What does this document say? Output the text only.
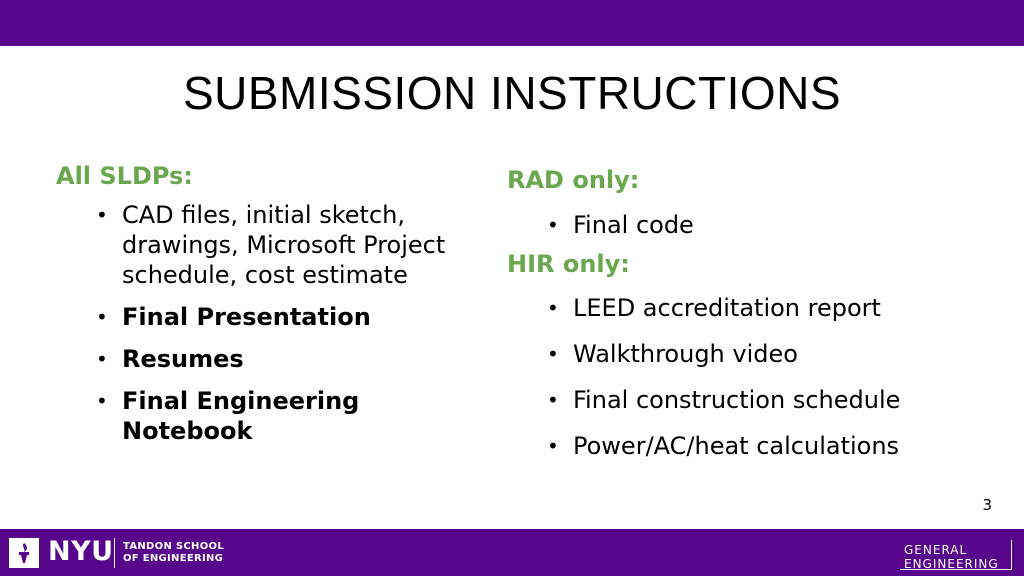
SUBMISSION INSTRUCTIONS
All SLDPs:
• CAD files, initial sketch, drawings, Microsoft Project schedule, cost estimate
• Final Presentation
• Resumes
• Final Engineering Notebook
RAD only:
• Final code
HIR only:
• LEED accreditation report
• Walkthrough video
• Final construction schedule
• Power/AC/heat calculations
3
NYU TANDON SCHOOL
OF ENGINEERING
GENERAL
ENGINEERING
